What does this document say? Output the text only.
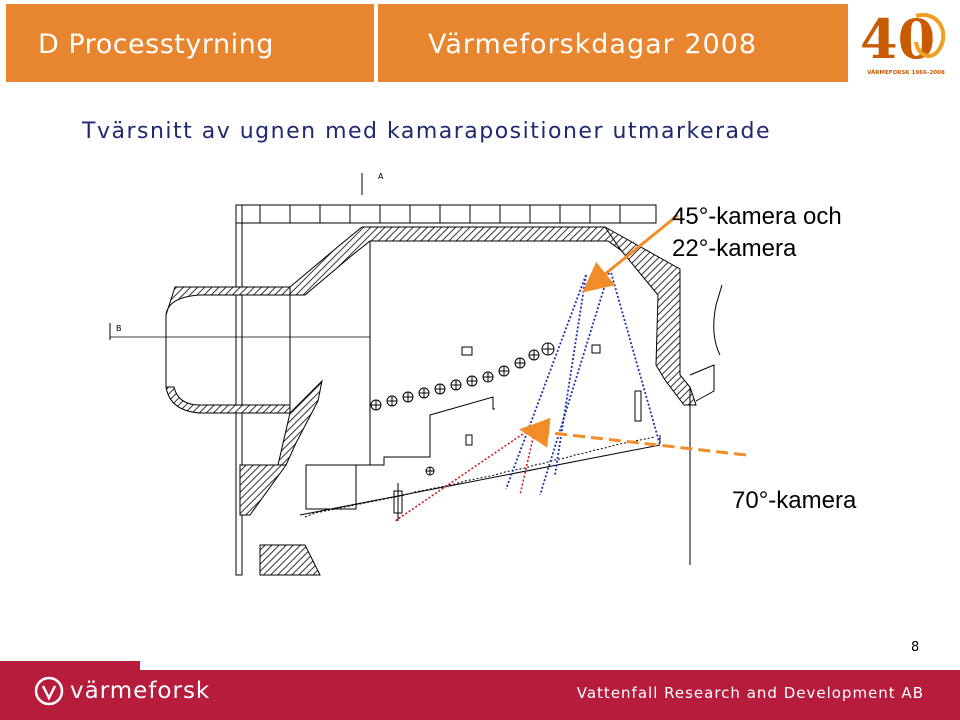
D Processtyrning	Värmeforskdagar 2008 40
VÄRMEFORSK 1966–2008
Tvärsnitt av ugnen med kamarapositioner utmarkerade
A
B
45°-kamera och
22°-kamera
70°-kamera
8
värmeforsk	Vattenfall Research and Development AB
